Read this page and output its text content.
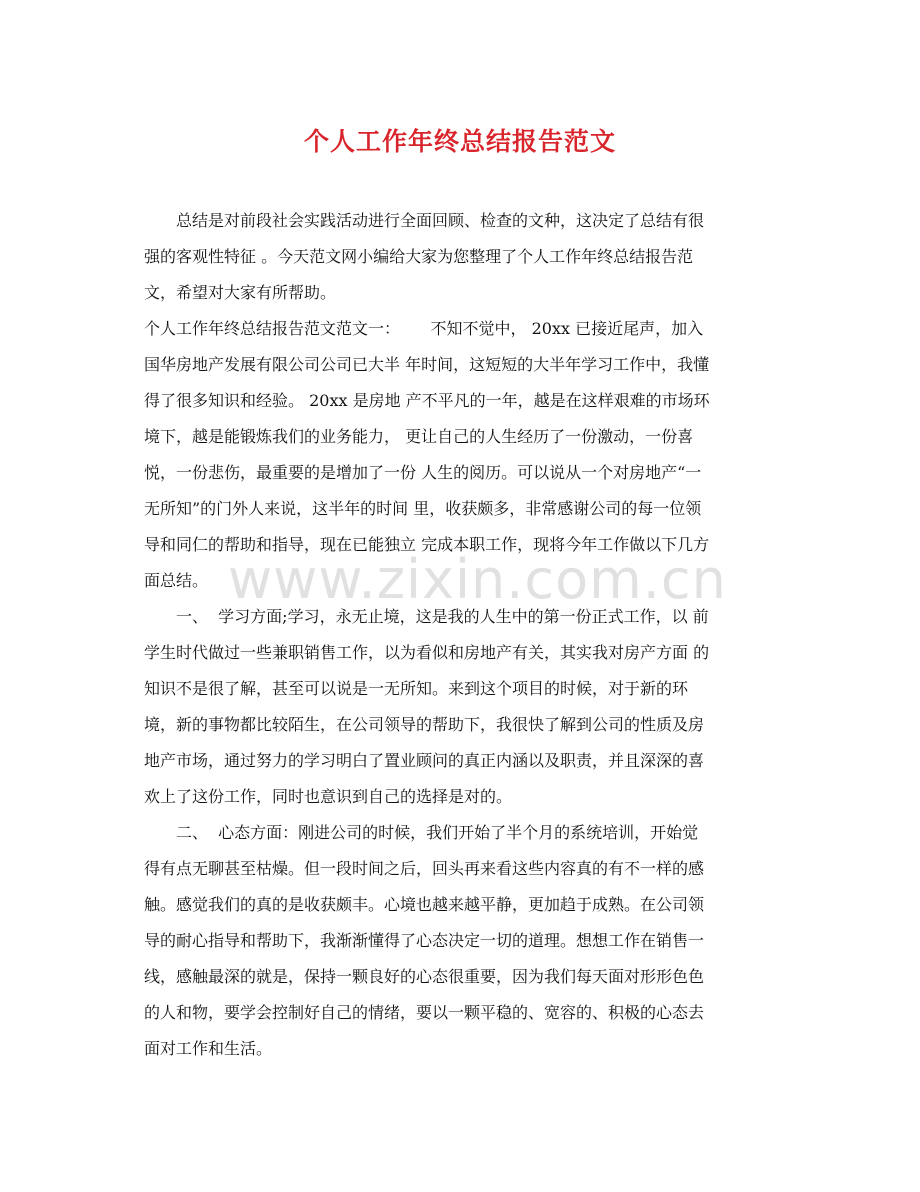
www.zixin.com.cn
个人工作年终总结报告范文
总结是对前段社会实践活动进行全面回顾、检查的文种，这决定了总结有很
强的客观性特征 。今天范文网小编给大家为您整理了个人工作年终总结报告范
文，希望对大家有所帮助。
个人工作年终总结报告范文范文一：      不知不觉中， 20xx 已接近尾声，加入
国华房地产发展有限公司公司已大半 年时间，这短短的大半年学习工作中，我懂
得了很多知识和经验。 20xx 是房地 产不平凡的一年，越是在这样艰难的市场环
境下，越是能锻炼我们的业务能力， 更让自己的人生经历了一份激动，一份喜
悦，一份悲伤，最重要的是增加了一份 人生的阅历。可以说从一个对房地产“一
无所知”的门外人来说，这半年的时间 里，收获颇多，非常感谢公司的每一位领
导和同仁的帮助和指导，现在已能独立 完成本职工作，现将今年工作做以下几方
面总结。
一、  学习方面;学习，永无止境，这是我的人生中的第一份正式工作，以 前
学生时代做过一些兼职销售工作，以为看似和房地产有关，其实我对房产方面 的
知识不是很了解，甚至可以说是一无所知。来到这个项目的时候，对于新的环
境，新的事物都比较陌生，在公司领导的帮助下，我很快了解到公司的性质及房
地产市场，通过努力的学习明白了置业顾问的真正内涵以及职责，并且深深的喜
欢上了这份工作，同时也意识到自己的选择是对的。
二、  心态方面：刚进公司的时候，我们开始了半个月的系统培训，开始觉
得有点无聊甚至枯燥。但一段时间之后，回头再来看这些内容真的有不一样的感
触。感觉我们的真的是收获颇丰。心境也越来越平静，更加趋于成熟。在公司领
导的耐心指导和帮助下，我渐渐懂得了心态决定一切的道理。想想工作在销售一
线，感触最深的就是，保持一颗良好的心态很重要，因为我们每天面对形形色色
的人和物，要学会控制好自己的情绪，要以一颗平稳的、宽容的、积极的心态去
面对工作和生活。
